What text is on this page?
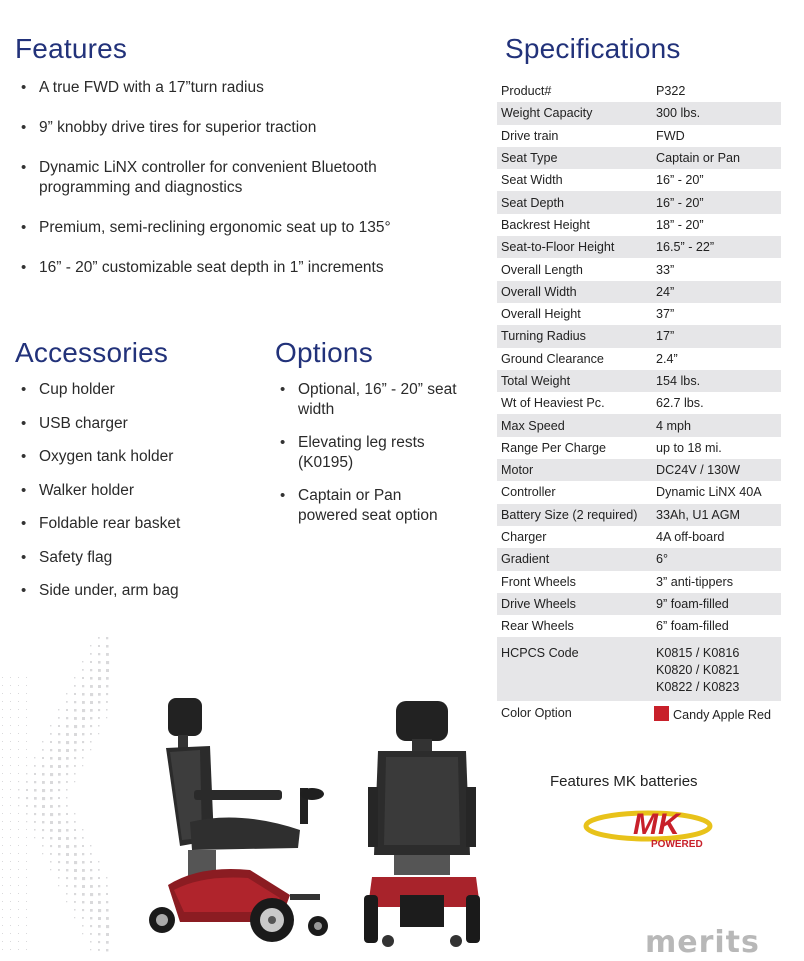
Features
• A true FWD with a 17”turn radius
• 9” knobby drive tires for superior traction
• Dynamic LiNX controller for convenient Bluetooth programming and diagnostics
• Premium, semi-reclining ergonomic seat up to 135°
• 16” - 20” customizable seat depth in 1” increments
Accessories
• Cup holder
• USB charger
• Oxygen tank holder
• Walker holder
• Foldable rear basket
• Safety flag
• Side under, arm bag
Options
• Optional, 16” - 20” seat width
• Elevating leg rests (K0195)
• Captain or Pan powered seat option
Specifications
Product#	P322
Weight Capacity	300 lbs.
Drive train	FWD
Seat Type	Captain or Pan
Seat Width	16” - 20”
Seat Depth	16” - 20”
Backrest Height	18” - 20”
Seat-to-Floor Height	16.5” - 22”
Overall Length	33”
Overall Width	24”
Overall Height	37”
Turning Radius	17”
Ground Clearance	2.4”
Total Weight	154 lbs.
Wt of Heaviest Pc.	62.7 lbs.
Max Speed	4 mph
Range Per Charge	up to 18 mi.
Motor	DC24V / 130W
Controller	Dynamic LiNX 40A
Battery Size (2 required)	33Ah, U1 AGM
Charger	4A off-board
Gradient	6°
Front Wheels	3” anti-tippers
Drive Wheels	9” foam-filled
Rear Wheels	6” foam-filled
HCPCS Code	K0815 / K0816
K0820 / K0821
K0822 / K0823

Color Option	Candy Apple Red
Features MK batteries
MK
POWERED
merits
